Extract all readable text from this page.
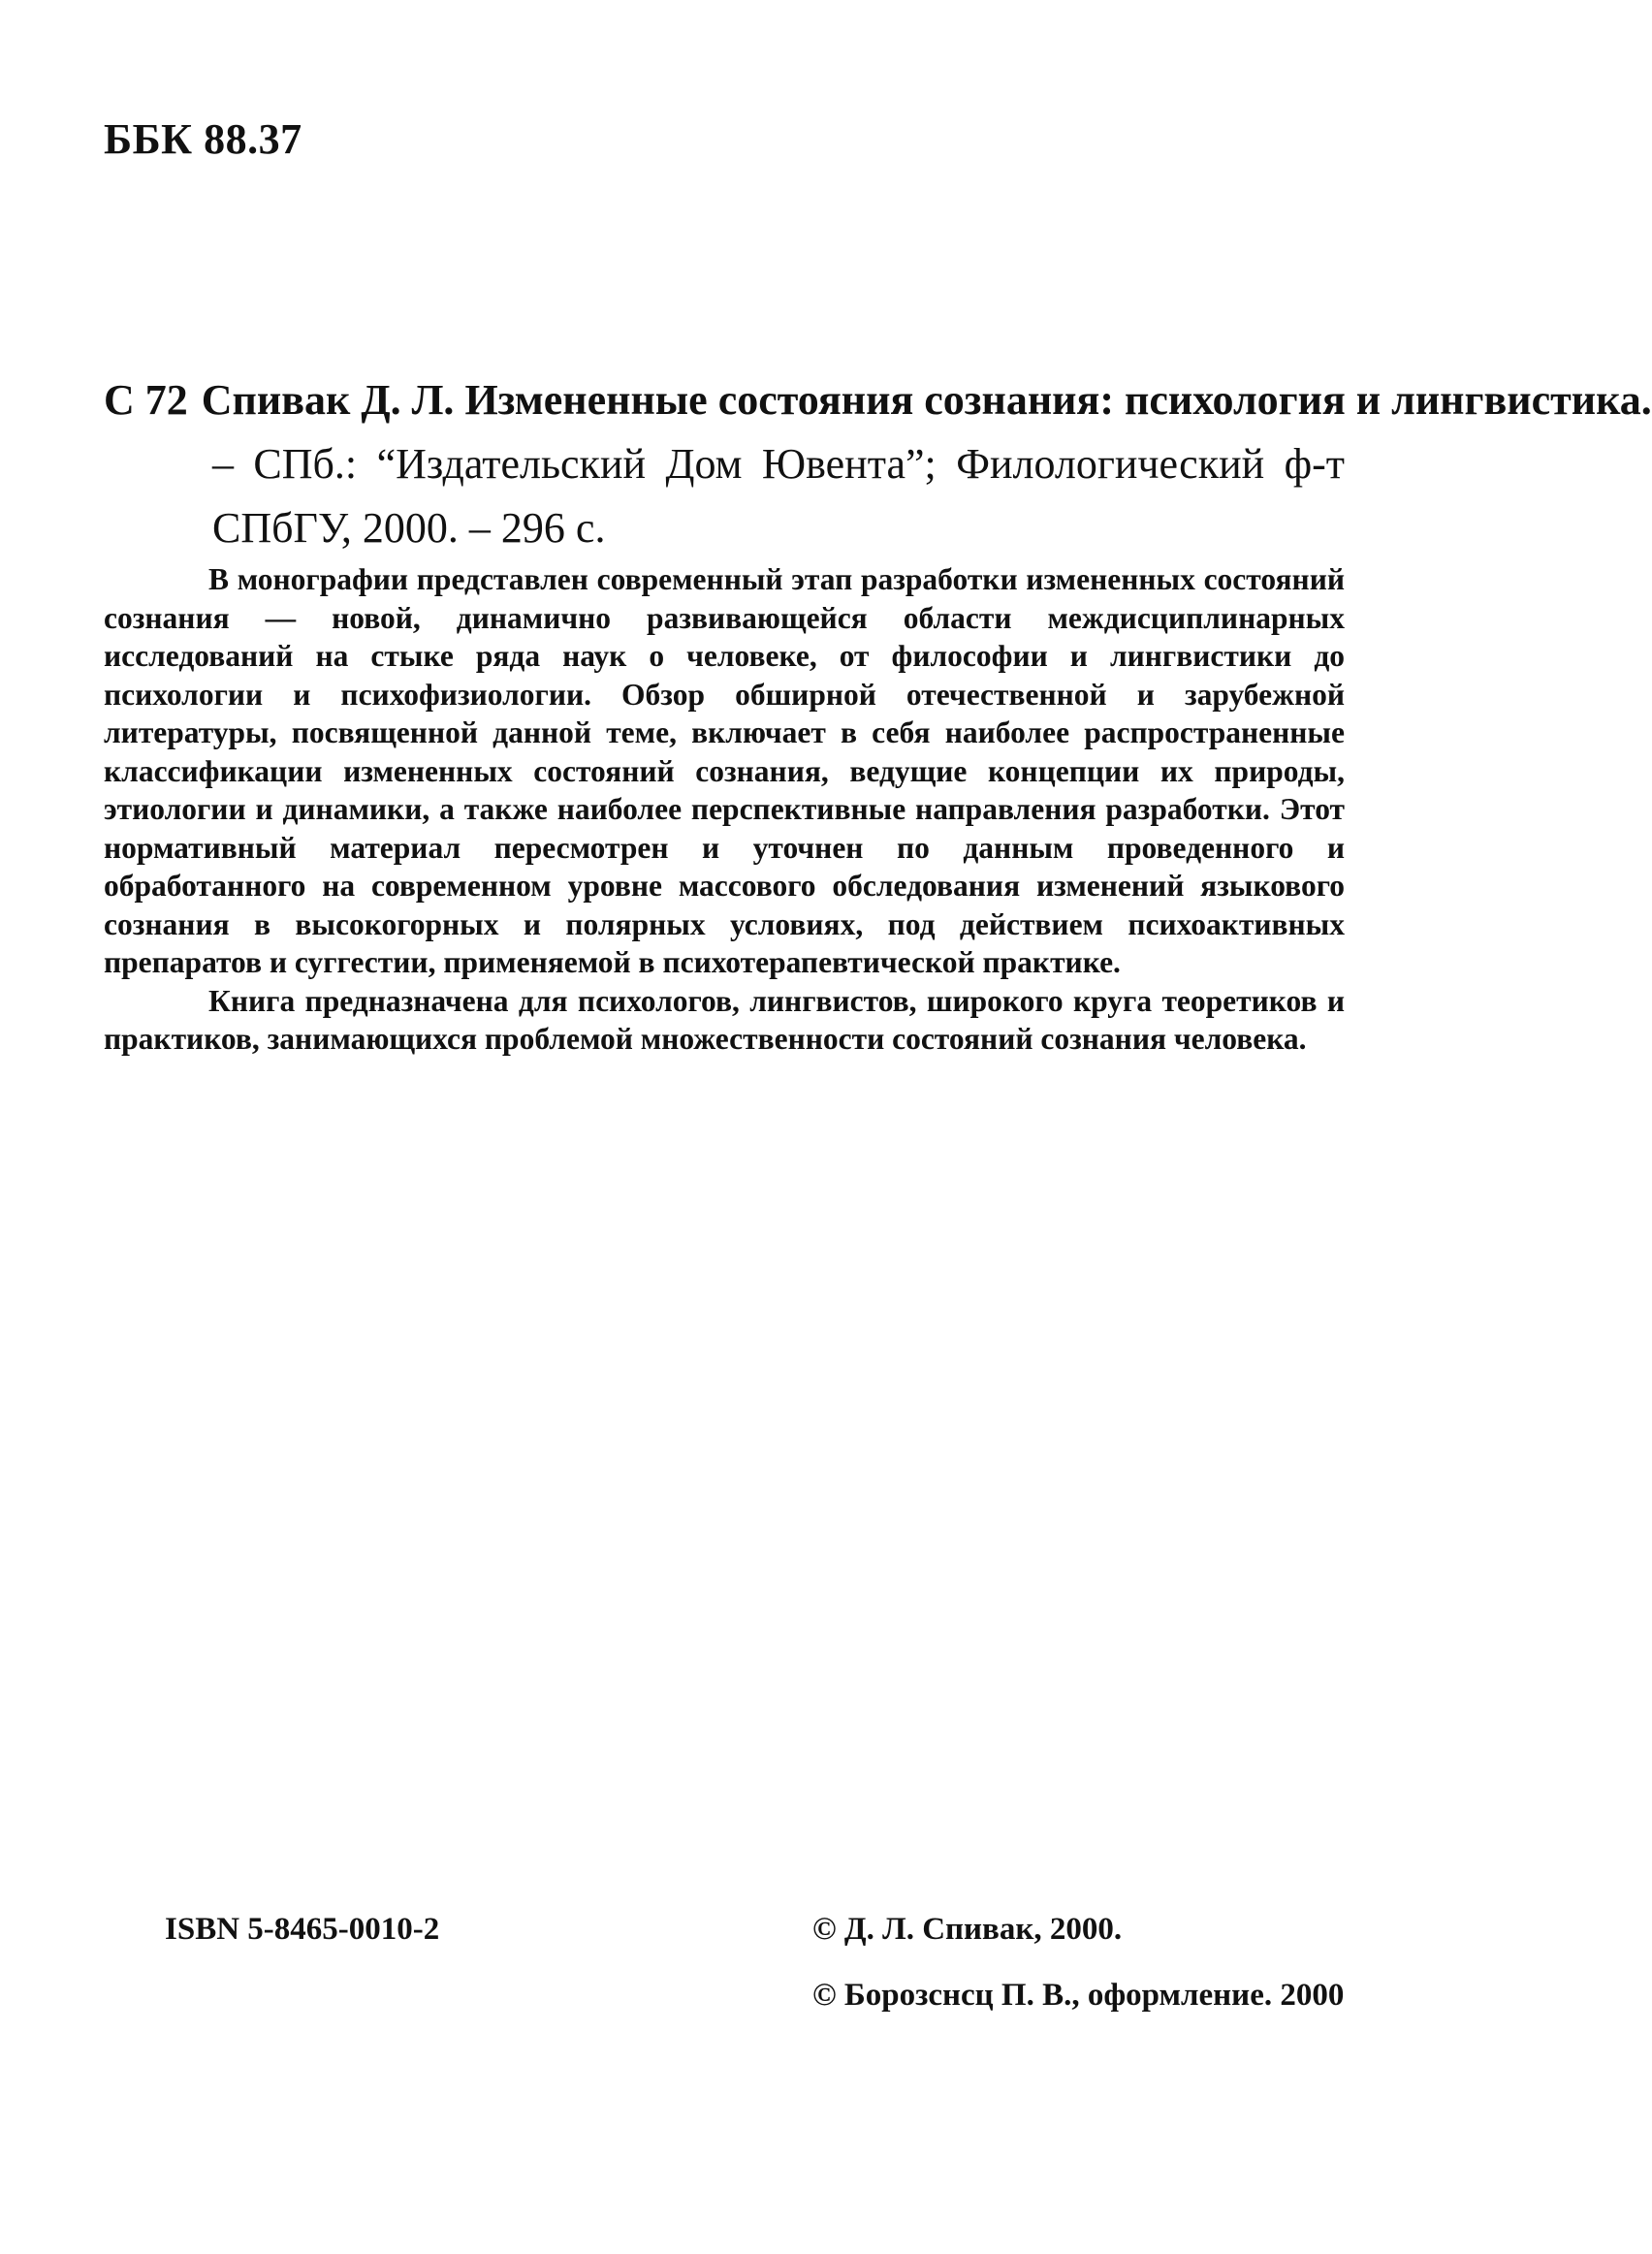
ББК 88.37
С 72 Спивак Д. Л. Измененные состояния сознания: психология и лингвистика.
– СПб.: “Издательский Дом Ювента”; Филологический ф-т СПбГУ, 2000. – 296 с.

В монографии представлен современный этап разработки измененных состояний сознания — новой, динамично развивающейся области междисциплинарных исследований на стыке ряда наук о человеке, от философии и лингвистики до психологии и психофизиологии. Обзор обширной отечественной и зарубежной литературы, посвященной данной теме, включает в себя наиболее распространенные классификации измененных состояний сознания, ведущие концепции их природы, этиологии и динамики, а также наиболее перспективные направления разработки. Этот нормативный материал пересмотрен и уточнен по данным проведенного и обработанного на современном уровне массового обследования изменений языкового сознания в высокогорных и полярных условиях, под действием психоактивных препаратов и суггестии, применяемой в психотерапевтической практике.

Книга предназначена для психологов, лингвистов, широкого круга теоретиков и практиков, занимающихся проблемой множественности состояний сознания человека.

ISBN 5-8465-0010-2	© Д. Л. Спивак, 2000.
© Борозснсц П. В., оформление. 2000
